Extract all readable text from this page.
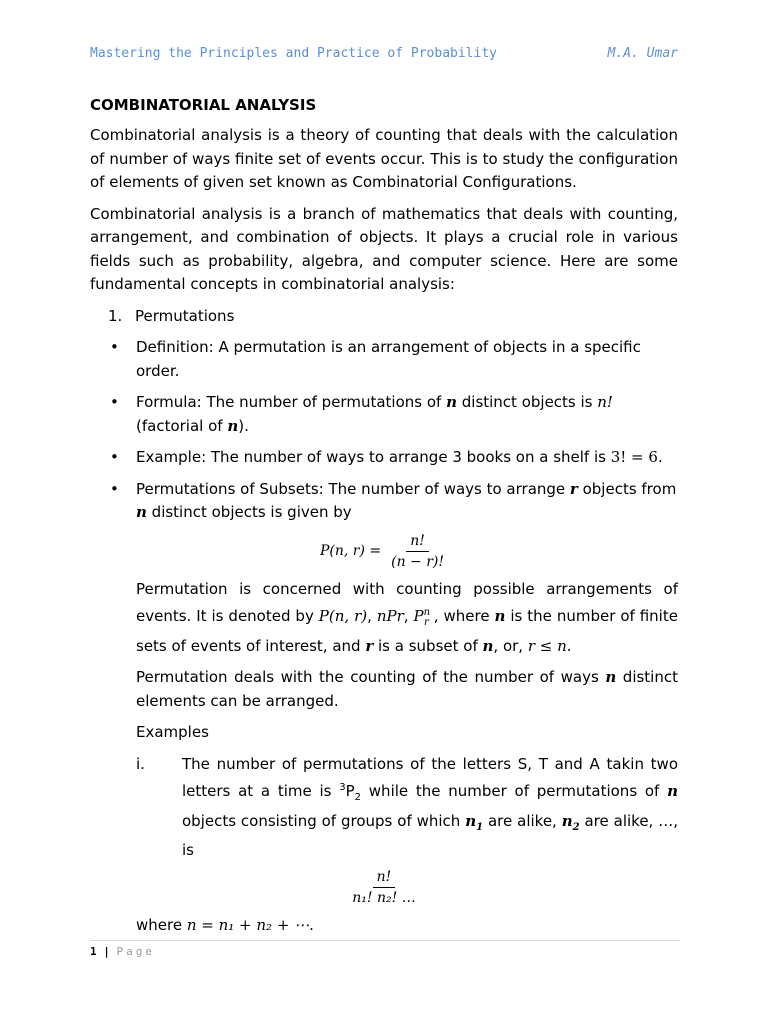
Mastering the Principles and Practice of Probability	M.A. Umar
COMBINATORIAL ANALYSIS

Combinatorial analysis is a theory of counting that deals with the calculation of number of ways finite set of events occur. This is to study the configuration of elements of given set known as Combinatorial Configurations.

Combinatorial analysis is a branch of mathematics that deals with counting, arrangement, and combination of objects. It plays a crucial role in various fields such as probability, algebra, and computer science. Here are some fundamental concepts in combinatorial analysis:

1. Permutations
•	Definition: A permutation is an arrangement of objects in a specific order.
•	Formula: The number of permutations of n distinct objects is n! (factorial of n).
•	Example: The number of ways to arrange 3 books on a shelf is 3! = 6.
•	Permutations of Subsets: The number of ways to arrange r objects from n distinct objects is given by
P(n, $r) = \frac{n!}{(n - r)!}$

Permutation is concerned with counting possible arrangements of events. It is denoted by P(n, r), nPr, $P^n_r$ , where n is the number of finite sets of events of interest, and r is a subset of n, or, r ≤ n.

Permutation deals with the counting of the number of ways n distinct elements can be arranged.

Examples

i.	The number of permutations of the letters S, T and A takin two letters at a time is $^3P_2$ while the number of permutations of n objects consisting of groups of which $n_1$ are alike, $n_2$ are alike, …, is
$\frac{n!}{\text{n₁! n₂! …}}$

where n = n₁ + n₂ + ⋯.

1 | Page
